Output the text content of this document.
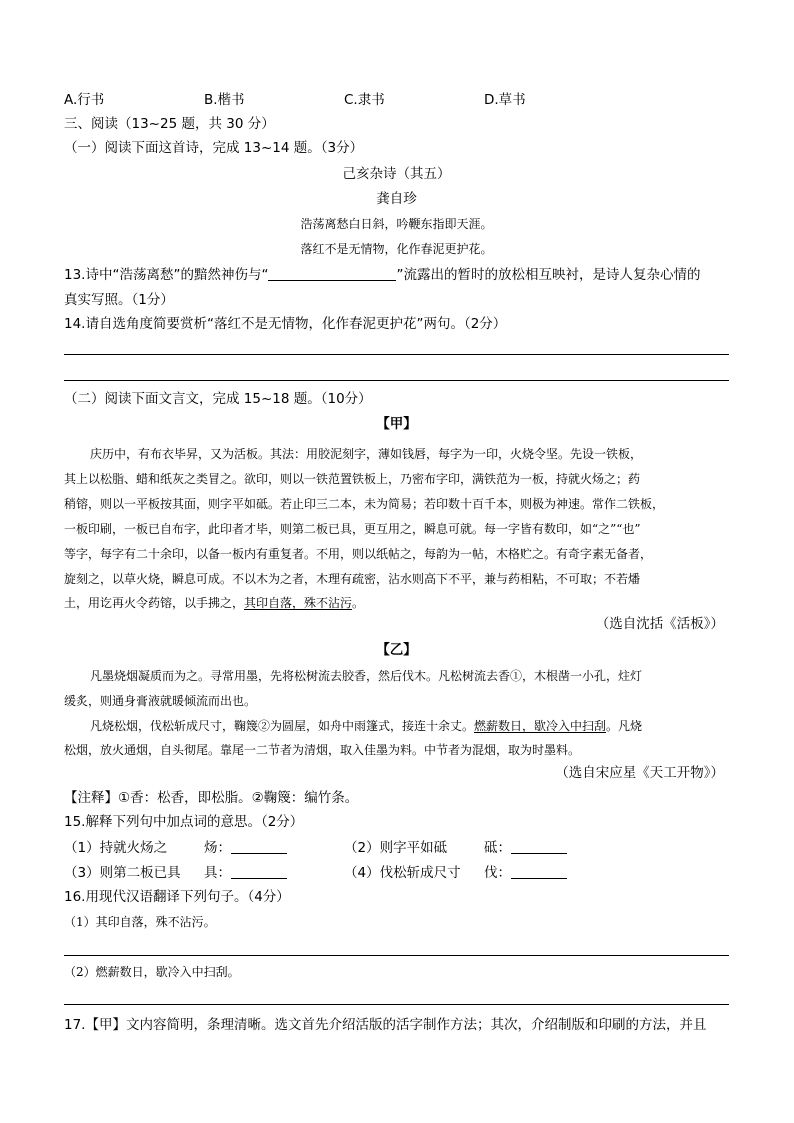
A.行书	B.楷书	C.隶书	D.草书
三、阅读（13~25 题，共 30 分）
（一）阅读下面这首诗，完成 13~14 题。（3分）
己亥杂诗（其五）
龚自珍
浩荡离愁白日斜，吟鞭东指即天涯。
落红不是无情物，化作春泥更护花。
13.诗中“浩荡离愁”的黯然神伤与“	”流露出的暂时的放松相互映衬，是诗人复杂心情的
真实写照。（1分）
14.请自选角度简要赏析“落红不是无情物，化作春泥更护花”两句。（2分）
（二）阅读下面文言文，完成 15~18 题。（10分）
【甲】
庆历中，有布衣毕昇，又为活板。其法：用胶泥刻字，薄如钱唇，每字为一印，火烧令坚。先设一铁板，
其上以松脂、蜡和纸灰之类冒之。欲印，则以一铁范置铁板上，乃密布字印，满铁范为一板，持就火炀之；药
稍镕，则以一平板按其面，则字平如砥。若止印三二本，未为简易；若印数十百千本，则极为神速。常作二铁板，
一板印刷，一板已自布字，此印者才毕，则第二板已具，更互用之，瞬息可就。每一字皆有数印，如“之”“也”
等字，每字有二十余印，以备一板内有重复者。不用，则以纸帖之，每韵为一帖，木格贮之。有奇字素无备者，
旋刻之，以草火烧，瞬息可成。不以木为之者，木理有疏密，沾水则高下不平，兼与药相粘，不可取；不若燔
土，用讫再火令药镕，以手拂之，其印自落，殊不沾污。
（选自沈括《活板》）
【乙】
凡墨烧烟凝质而为之。寻常用墨，先将松树流去胶香，然后伐木。凡松树流去香①，木根凿一小孔，炷灯
缓炙，则通身膏液就暖倾流而出也。
凡烧松烟，伐松斩成尺寸，鞠篾②为圆屋，如舟中雨篷式，接连十余丈。燃薪数日，歇冷入中扫刮。凡烧
松烟，放火通烟，自头彻尾。靠尾一二节者为清烟，取入佳墨为料。中节者为混烟，取为时墨料。
（选自宋应星《天工开物》）
【注释】①香：松香，即松脂。②鞠篾：编竹条。
15.解释下列句中加点词的意思。（2分）
（1）持就火炀之	炀：	（2）则字平如砥	砥：
（3）则第二板已具 具：	（4）伐松斩成尺寸 伐：
16.用现代汉语翻译下列句子。（4分）
（1）其印自落，殊不沾污。
（2）燃薪数日，歇冷入中扫刮。
17.【甲】文内容简明，条理清晰。选文首先介绍活版的活字制作方法；其次，介绍制版和印刷的方法，并且
